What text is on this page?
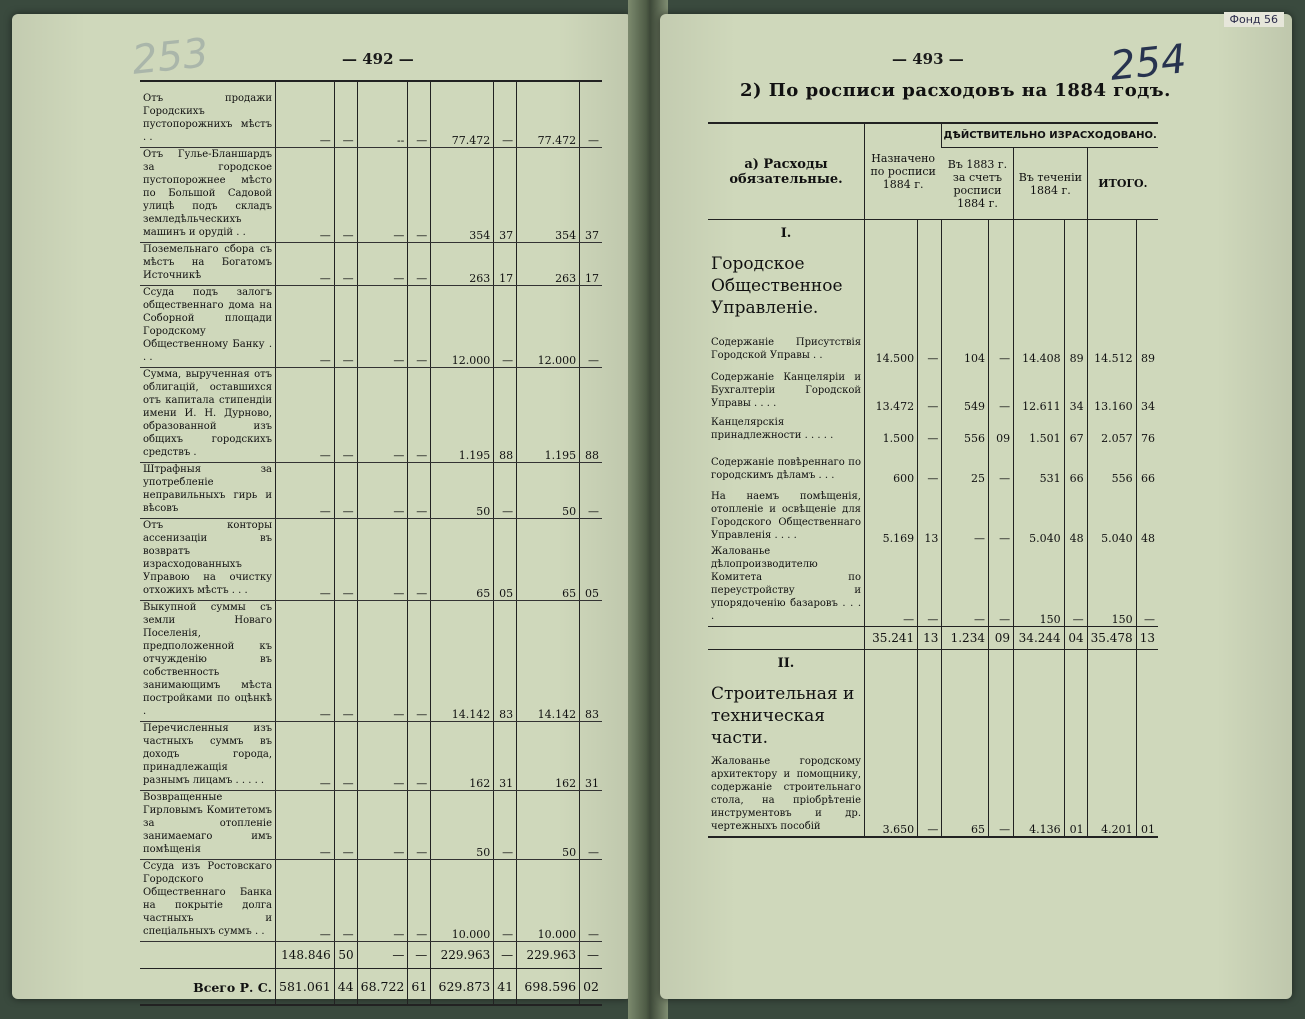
253	— 492 —
Фонд 56
254
— 493 —
Отъ продажи Городскихъ пустопорожнихъ мѣстъ . .	—	—	--	—	77.472	—	77.472	—
Отъ Гулье-Бланшардъ за городское пустопорожнее мѣсто по Большой Садовой улицѣ подъ складъ земледѣльческихъ машинъ и орудій . .	—	—	—	—	354	37	354	37
Поземельнаго сбора съ мѣстъ на Богатомъ Источникѣ	—	—	—	—	263	17	263	17
Ссуда подъ залогъ общественнаго дома на Соборной площади Городскому Общественному Банку . . .	—	—	—	—	12.000	—	12.000	—
Сумма, вырученная отъ облигацій, оставшихся отъ капитала стипендіи имени И. Н. Дурново, образованной изъ общихъ городскихъ средствъ .	—	—	—	—	1.195	88	1.195	88
Штрафныя за употребленіе неправильныхъ гирь и вѣсовъ	—	—	—	—	50	—	50	—
Отъ конторы ассенизаціи въ возвратъ израсходованныхъ Управою на очистку отхожихъ мѣстъ . . .	—	—	—	—	65	05	65	05
Выкупной суммы съ земли Новаго Поселенія, предположенной къ отчужденію въ собственность занимающимъ мѣста постройками по оцѣнкѣ .	—	—	—	—	14.142	83	14.142	83
Перечисленныя изъ частныхъ суммъ въ доходъ города, принадлежащія разнымъ лицамъ . . . . .	—	—	—	—	162	31	162	31
Возвращенные Гирловымъ Комитетомъ за отопленіе занимаемаго имъ помѣщенія	—	—	—	—	50	—	50	—
Ссуда изъ Ростовскаго Городского Общественнаго Банка на покрытіе долга частныхъ и спеціальныхъ суммъ . .	—	—	—	—	10.000	—	10.000	—
	148.846	50	—	—	229.963	—	229.963	—
Всего Р. С.	581.061	44	68.722	61	629.873	41	698.596	02
2) По росписи расходовъ на 1884 годъ.
а) Расходы обязательные.	Назначено по росписи 1884 г.		ДѢЙСТВИТЕЛЬНО ИЗРАСХОДОВАНО.					
			Въ 1883 г. за счетъ росписи 1884 г.		Въ теченіи 1884 г.		ИТОГО.	
I.								
Городское Общественное Управленіе.								
Содержаніе Присутствія Городской Управы . .	14.500	—	104	—	14.408	89	14.512	89
Содержаніе Канцеляріи и Бухгалтеріи Городской Управы . . . .	13.472	—	549	—	12.611	34	13.160	34
Канцелярскія принадлежности . . . . .	1.500	—	556	09	1.501	67	2.057	76
Содержаніе повѣреннаго по городскимъ дѣламъ . . .	600	—	25	—	531	66	556	66
На наемъ помѣщенія, отопленіе и освѣщеніе для Городского Общественнаго Управленія . . . .	5.169	13	—	—	5.040	48	5.040	48
Жалованье дѣлопроизводителю Комитета по переустройству и упорядоченію базаровъ . . . .	—	—	—	—	150	—	150	—
	35.241	13	1.234	09	34.244	04	35.478	13
II.								
Строительная и техническая части.								
Жалованье городскому архитектору и помощнику, содержаніе строительнаго стола, на пріобрѣтеніе инструментовъ и др. чертежныхъ пособій	3.650	—	65	—	4.136	01	4.201	01
